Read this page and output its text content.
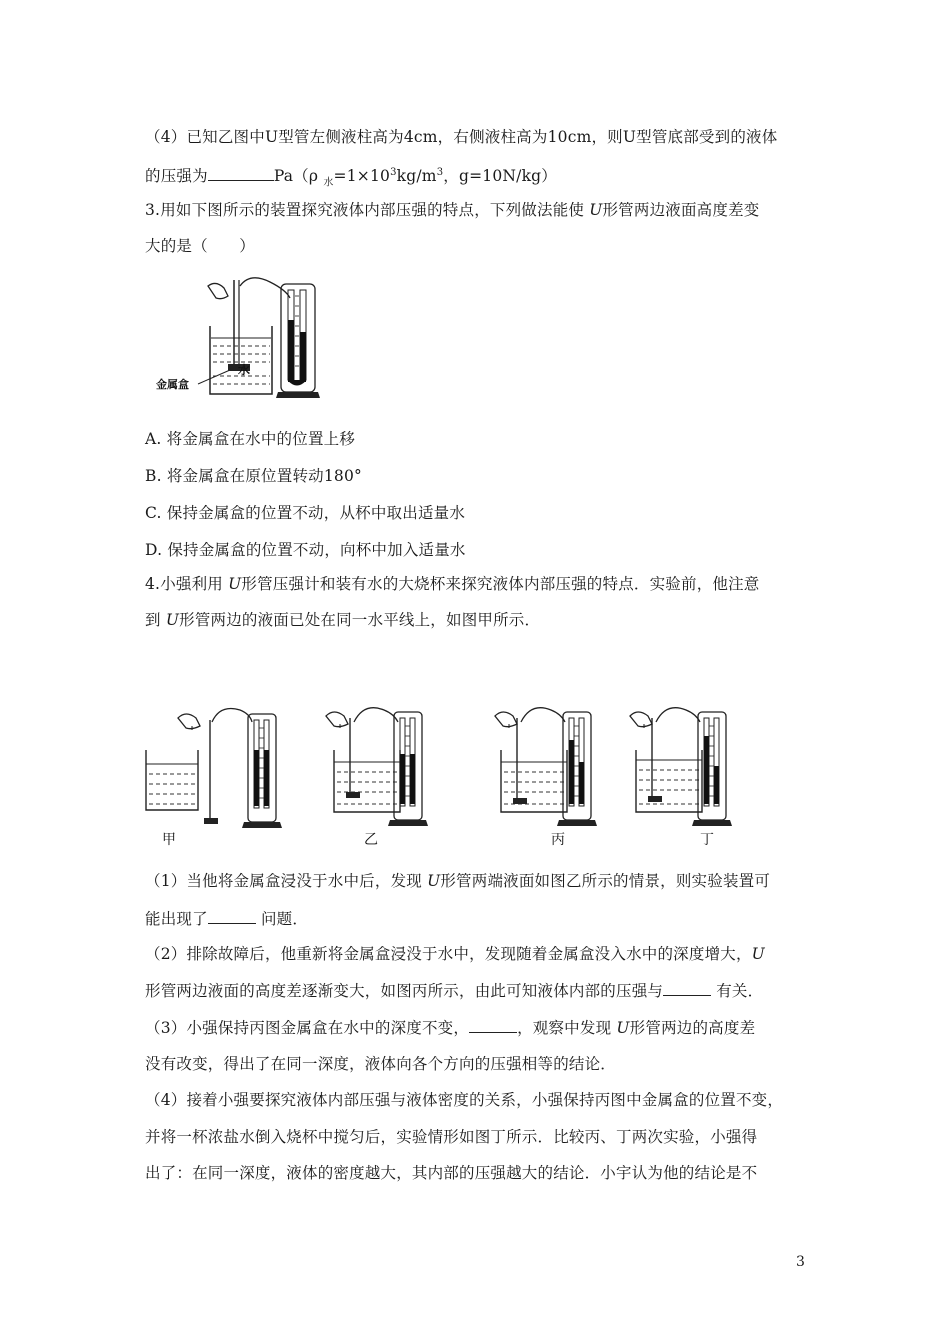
（4）已知乙图中U型管左侧液柱高为4cm，右侧液柱高为10cm，则U型管底部受到的液体
的压强为	Pa（ρ $_水=1\times 10^3kg/m^3$，g=10N/kg）
3.用如下图所示的装置探究液体内部压强的特点，下列做法能使 U形管两边液面高度差变
大的是（　　）
金属盒
水
A. 将金属盒在水中的位置上移
B. 将金属盒在原位置转动180°
C. 保持金属盒的位置不动，从杯中取出适量水
D. 保持金属盒的位置不动，向杯中加入适量水
4.小强利用 U形管压强计和装有水的大烧杯来探究液体内部压强的特点．实验前，他注意
到 U形管两边的液面已处在同一水平线上，如图甲所示．
甲	乙	丙	丁
（1）当他将金属盒浸没于水中后，发现 U形管两端液面如图乙所示的情景，则实验装置可
能出现了	问题．
（2）排除故障后，他重新将金属盒浸没于水中，发现随着金属盒没入水中的深度增大，U
形管两边液面的高度差逐渐变大，如图丙所示，由此可知液体内部的压强与	有关．
（3）小强保持丙图金属盒在水中的深度不变，	，观察中发现 U形管两边的高度差
没有改变，得出了在同一深度，液体向各个方向的压强相等的结论．
（4）接着小强要探究液体内部压强与液体密度的关系，小强保持丙图中金属盒的位置不变，
并将一杯浓盐水倒入烧杯中搅匀后，实验情形如图丁所示．比较丙、丁两次实验，小强得
出了：在同一深度，液体的密度越大，其内部的压强越大的结论．小宇认为他的结论是不
3
